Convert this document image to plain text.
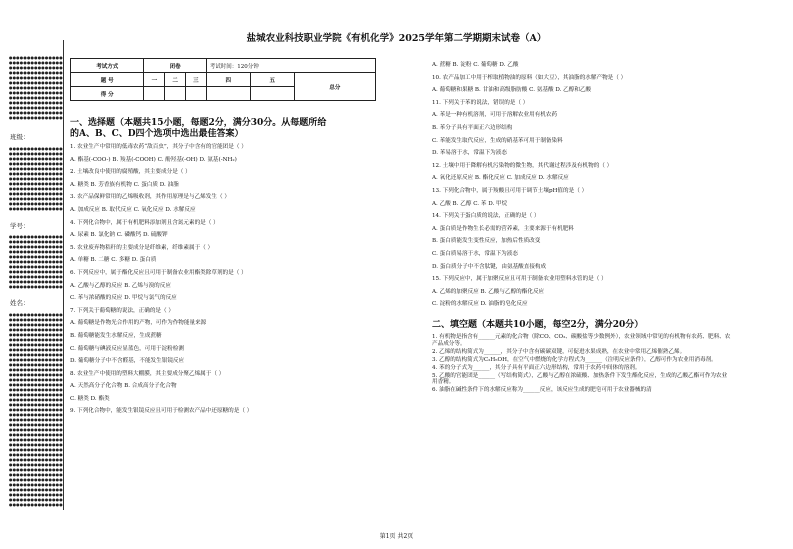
盐城农业科技职业学院《有机化学》2025学年第二学期期末试卷（A）
●●●●●●●●●●●●●●●
●●●●●●●●●●●●●●●
●●●●●●●●●●●●●●●
●●●●●●●●●●●●●●●
●●●●●●●●●●●●●●●
●●●●●●●●●●●●●●●
●●●●●●●●●●●●●●●
●●●●●●●●●●●●●●●
●●●●●●●●●●●●●●●
●●●●●●●●●●●●●●●
●●●●●●●●●●●●●●●
●●●●●●●●●●●●●●●
●●●●●●●●●●●●●●●
班级：
●●●●●●●●●●●●●●●
●●●●●●●●●●●●●●●
●●●●●●●●●●●●●●●
●●●●●●●●●●●●●●●
●●●●●●●●●●●●●●●
●●●●●●●●●●●●●●●
●●●●●●●●●●●●●●●
●●●●●●●●●●●●●●●
●●●●●●●●●●●●●●●
●●●●●●●●●●●●●●●
●●●●●●●●●●●●●●●
●●●●●●●●●●●●●●●
●●●●●●●●●●●●●●●
学号：
●●●●●●●●●●●●●●●
●●●●●●●●●●●●●●●
●●●●●●●●●●●●●●●
●●●●●●●●●●●●●●●
●●●●●●●●●●●●●●●
●●●●●●●●●●●●●●●
●●●●●●●●●●●●●●●
●●●●●●●●●●●●●●●
●●●●●●●●●●●●●●●
●●●●●●●●●●●●●●●
●●●●●●●●●●●●●●●
姓名：
●●●●●●●●●●●●●●●
●●●●●●●●●●●●●●●
●●●●●●●●●●●●●●●
●●●●●●●●●●●●●●●
●●●●●●●●●●●●●●●
●●●●●●●●●●●●●●●
●●●●●●●●●●●●●●●
●●●●●●●●●●●●●●●
●●●●●●●●●●●●●●●
●●●●●●●●●●●●●●●
●●●●●●●●●●●●●●●
●●●●●●●●●●●●●●●
●●●●●●●●●●●●●●●
●●●●●●●●●●●●●●●
●●●●●●●●●●●●●●●
●●●●●●●●●●●●●●●
●●●●●●●●●●●●●●●
●●●●●●●●●●●●●●●
●●●●●●●●●●●●●●●
●●●●●●●●●●●●●●●
●●●●●●●●●●●●●●●
●●●●●●●●●●●●●●●
●●●●●●●●●●●●●●●
●●●●●●●●●●●●●●●
●●●●●●●●●●●●●●●
●●●●●●●●●●●●●●●
●●●●●●●●●●●●●●●
●●●●●●●●●●●●●●●
●●●●●●●●●●●●●●●
●●●●●●●●●●●●●●●
●●●●●●●●●●●●●●●
●●●●●●●●●●●●●●●
●●●●●●●●●●●●●●●
●●●●●●●●●●●●●●●
●●●●●●●●●●●●●●●
●●●●●●●●●●●●●●●
●●●●●●●●●●●●●●●
●●●●●●●●●●●●●●●
●●●●●●●●●●●●●●●
考试方式	闭卷			考试时间：120分钟		
题 号	一	二	三	四	五	总分
得 分						
一、选择题（本题共15小题，每题2分，满分30分。从每题所给
的A、B、C、D四个选项中选出最佳答案）
1. 农业生产中常用的低毒农药“敌百虫”，其分子中含有的官能团是（ ）
A. 酯基(-COO-) B. 羧基(-COOH) C. 酚羟基(-OH) D. 氨基(-NH₂)
2. 土壤改良中使用的腐殖酸，其主要成分是（ ）
A. 糖类 B. 芳香族有机物 C. 蛋白质 D. 油脂
3. 农产品保鲜常用的乙烯吸收剂，其作用原理是与乙烯发生（ ）
A. 加成反应 B. 取代反应 C. 氧化反应 D. 水解反应
4. 下列化合物中，属于有机肥料添加剂且含氮元素的是（ ）
A. 尿素 B. 氯化钠 C. 磷酸钙 D. 硫酸钾
5. 农业废弃物秸秆的主要成分是纤维素，纤维素属于（ ）
A. 单糖 B. 二糖 C. 多糖 D. 蛋白质
6. 下列反应中，属于酯化反应且可用于制备农业用酯类除草剂的是（ ）
A. 乙酸与乙醇的反应 B. 乙烯与溴的反应
C. 苯与浓硝酸的反应 D. 甲烷与氯气的反应
7. 下列关于葡萄糖的说法，正确的是（ ）
A. 葡萄糖是作物光合作用的产物，可作为作物能量来源
B. 葡萄糖能发生水解反应，生成蔗糖
C. 葡萄糖与碘液反应显蓝色，可用于淀粉检测
D. 葡萄糖分子中不含醛基，不能发生银镜反应
8. 农业生产中使用的塑料大棚膜，其主要成分聚乙烯属于（ ）
A. 天然高分子化合物 B. 合成高分子化合物
C. 糖类 D. 酯类
9. 下列化合物中，能发生银镜反应且可用于检测农产品中还原糖的是（ ）
A. 蔗糖 B. 淀粉 C. 葡萄糖 D. 乙酸
10. 农产品加工中用于榨取植物油的原料（如大豆），其油脂的水解产物是（ ）
A. 葡萄糖和果糖 B. 甘油和高级脂肪酸 C. 氨基酸 D. 乙醇和乙酸
11. 下列关于苯的说法，错误的是（ ）
A. 苯是一种有机溶剂，可用于溶解农业用有机农药
B. 苯分子具有平面正六边形结构
C. 苯能发生取代反应，生成的硝基苯可用于制备染料
D. 苯易溶于水，常温下为液态
12. 土壤中用于降解有机污染物的微生物，其代谢过程涉及有机物的（ ）
A. 氧化还原反应 B. 酯化反应 C. 加成反应 D. 水解反应
13. 下列化合物中，属于羧酸且可用于调节土壤pH值的是（ ）
A. 乙酸 B. 乙醇 C. 苯 D. 甲烷
14. 下列关于蛋白质的说法，正确的是（ ）
A. 蛋白质是作物生长必需的营养素，主要来源于有机肥料
B. 蛋白质能发生变性反应，加热后性质改变
C. 蛋白质易溶于水，常温下为液态
D. 蛋白质分子中不含肽键，由氨基酸直接构成
15. 下列反应中，属于加聚反应且可用于制备农业用塑料水管的是（ ）
A. 乙烯的加聚反应 B. 乙酸与乙醇的酯化反应
C. 淀粉的水解反应 D. 油脂的皂化反应
二、填空题（本题共10小题，每空2分，满分20分）
1. 有机物是指含有______元素的化合物（除CO、CO₂、碳酸盐等少数例外），农业领域中常见的有机物有农药、肥料、农产品成分等。
2. 乙烯的结构简式为______，其分子中含有碳碳双键，可促进水果成熟，在农业中常用乙烯催熟乙烯。
3. 乙醇的结构简式为C₂H₅OH，在空气中燃烧的化学方程式为______（注明反应条件），乙醇可作为农业用消毒剂。
4. 苯的分子式为______，其分子具有平面正六边形结构，常用于农药中间体的溶剂。
5. 乙酸的官能团是______（写结构简式），乙酸与乙醇在浓硫酸、加热条件下发生酯化反应，生成的乙酸乙酯可作为农业用香精。
6. 油脂在碱性条件下的水解反应称为______反应，该反应生成的肥皂可用于农业器械的清
第1页 共2页
